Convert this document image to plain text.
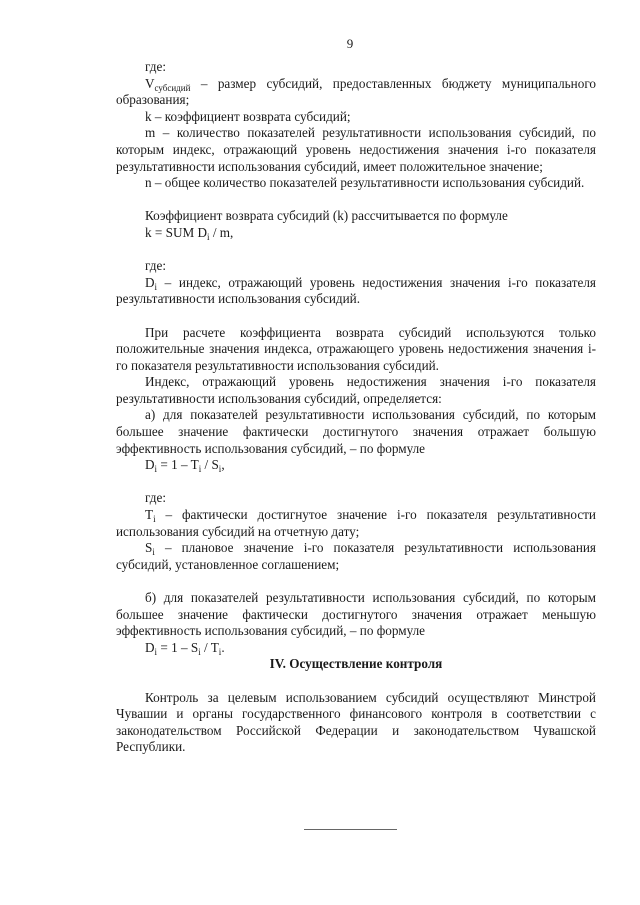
9

где:

$V_{субсидий}$ – размер субсидий, предоставленных бюджету муниципального образования;

k – коэффициент возврата субсидий;

m – количество показателей результативности использования субсидий, по которым индекс, отражающий уровень недостижения значения i-го показателя результативности использования субсидий, имеет положительное значение;

n – общее количество показателей результативности использования субсидий.

Коэффициент возврата субсидий (k) рассчитывается по формуле

k = SUM $D_i$ / m,

где:

$D_i$ – индекс, отражающий уровень недостижения значения i-го показателя результативности использования субсидий.

При расчете коэффициента возврата субсидий используются только положительные значения индекса, отражающего уровень недостижения значения i-го показателя результативности использования субсидий.

Индекс, отражающий уровень недостижения значения i-го показателя результативности использования субсидий, определяется:

а) для показателей результативности использования субсидий, по которым большее значение фактически достигнутого значения отражает большую эффективность использования субсидий, – по формуле

$D_i = 1 - T_i / S_i$,

где:

$T_i$ – фактически достигнутое значение i-го показателя результативности использования субсидий на отчетную дату;

$S_i$ – плановое значение i-го показателя результативности использования субсидий, установленное соглашением;

б) для показателей результативности использования субсидий, по которым большее значение фактически достигнутого значения отражает меньшую эффективность использования субсидий, – по формуле

$D_i = 1 - S_i / T_i$.

IV. Осуществление контроля

Контроль за целевым использованием субсидий осуществляют Минстрой Чувашии и органы государственного финансового контроля в соответствии с законодательством Российской Федерации и законодательством Чувашской Республики.
